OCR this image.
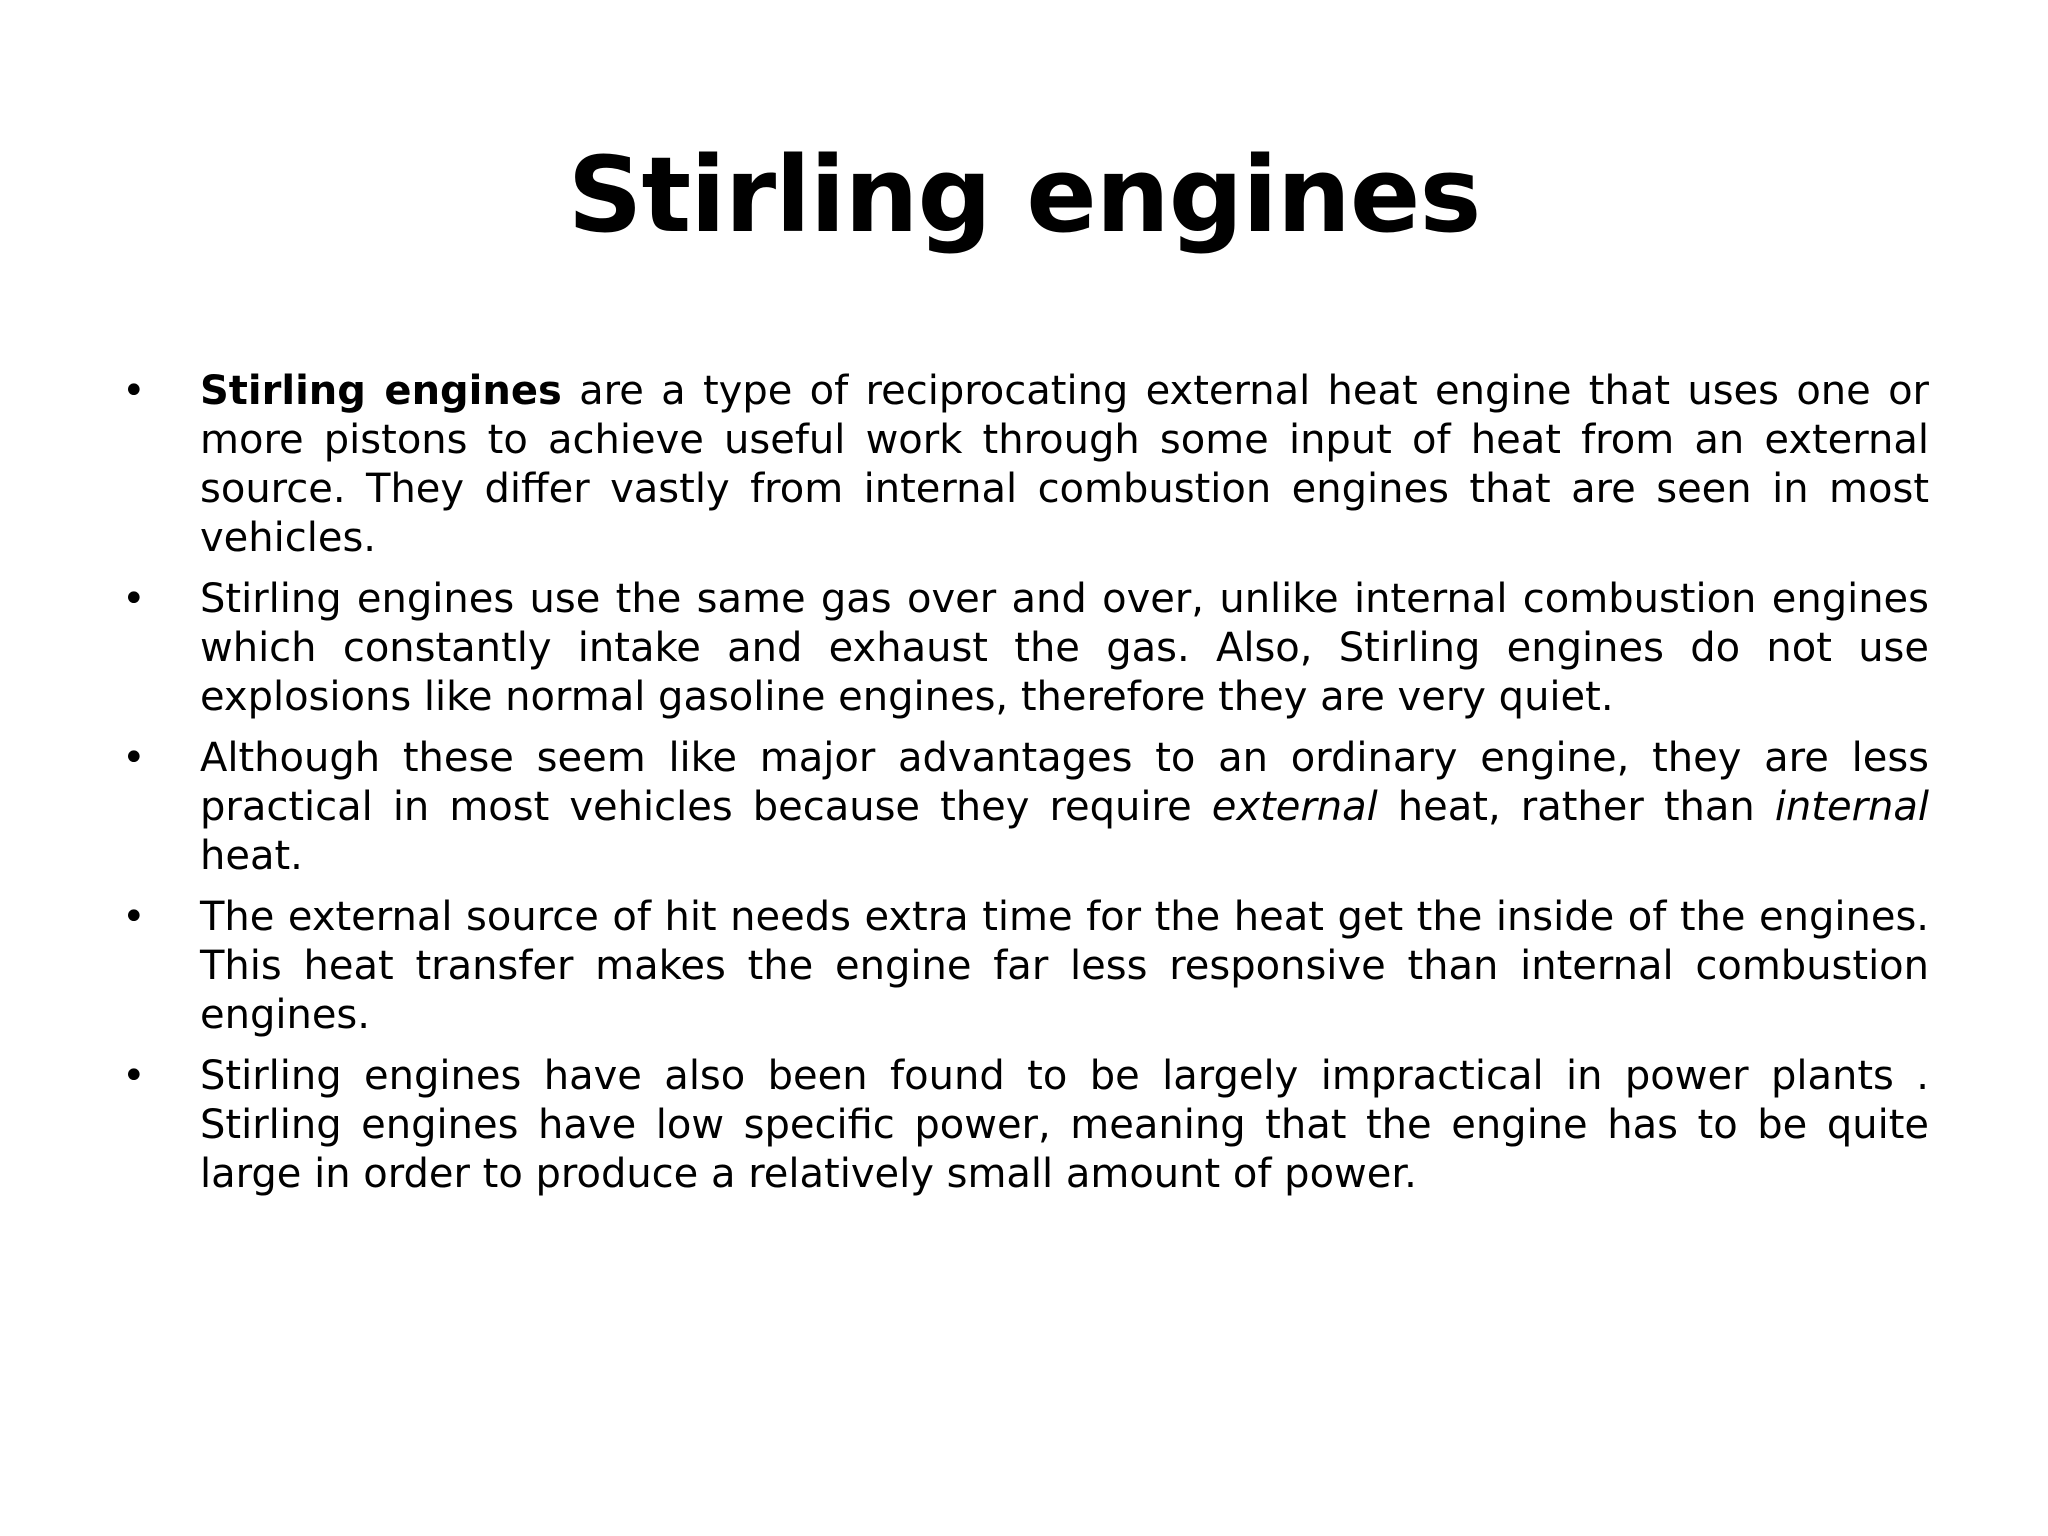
Stirling engines
• Stirling engines are a type of reciprocating external heat engine that uses one or more pistons to achieve useful work through some input of heat from an external source. They differ vastly from internal combustion engines that are seen in most vehicles.
• Stirling engines use the same gas over and over, unlike internal combustion engines which constantly intake and exhaust the gas. Also, Stirling engines do not use explosions like normal gasoline engines, therefore they are very quiet.
• Although these seem like major advantages to an ordinary engine, they are less practical in most vehicles because they require external heat, rather than internal heat.
• The external source of hit needs extra time for the heat get the inside of the engines. This heat transfer makes the engine far less responsive than internal combustion engines.
• Stirling engines have also been found to be largely impractical in power plants . Stirling engines have low specific power, meaning that the engine has to be quite large in order to produce a relatively small amount of power.
